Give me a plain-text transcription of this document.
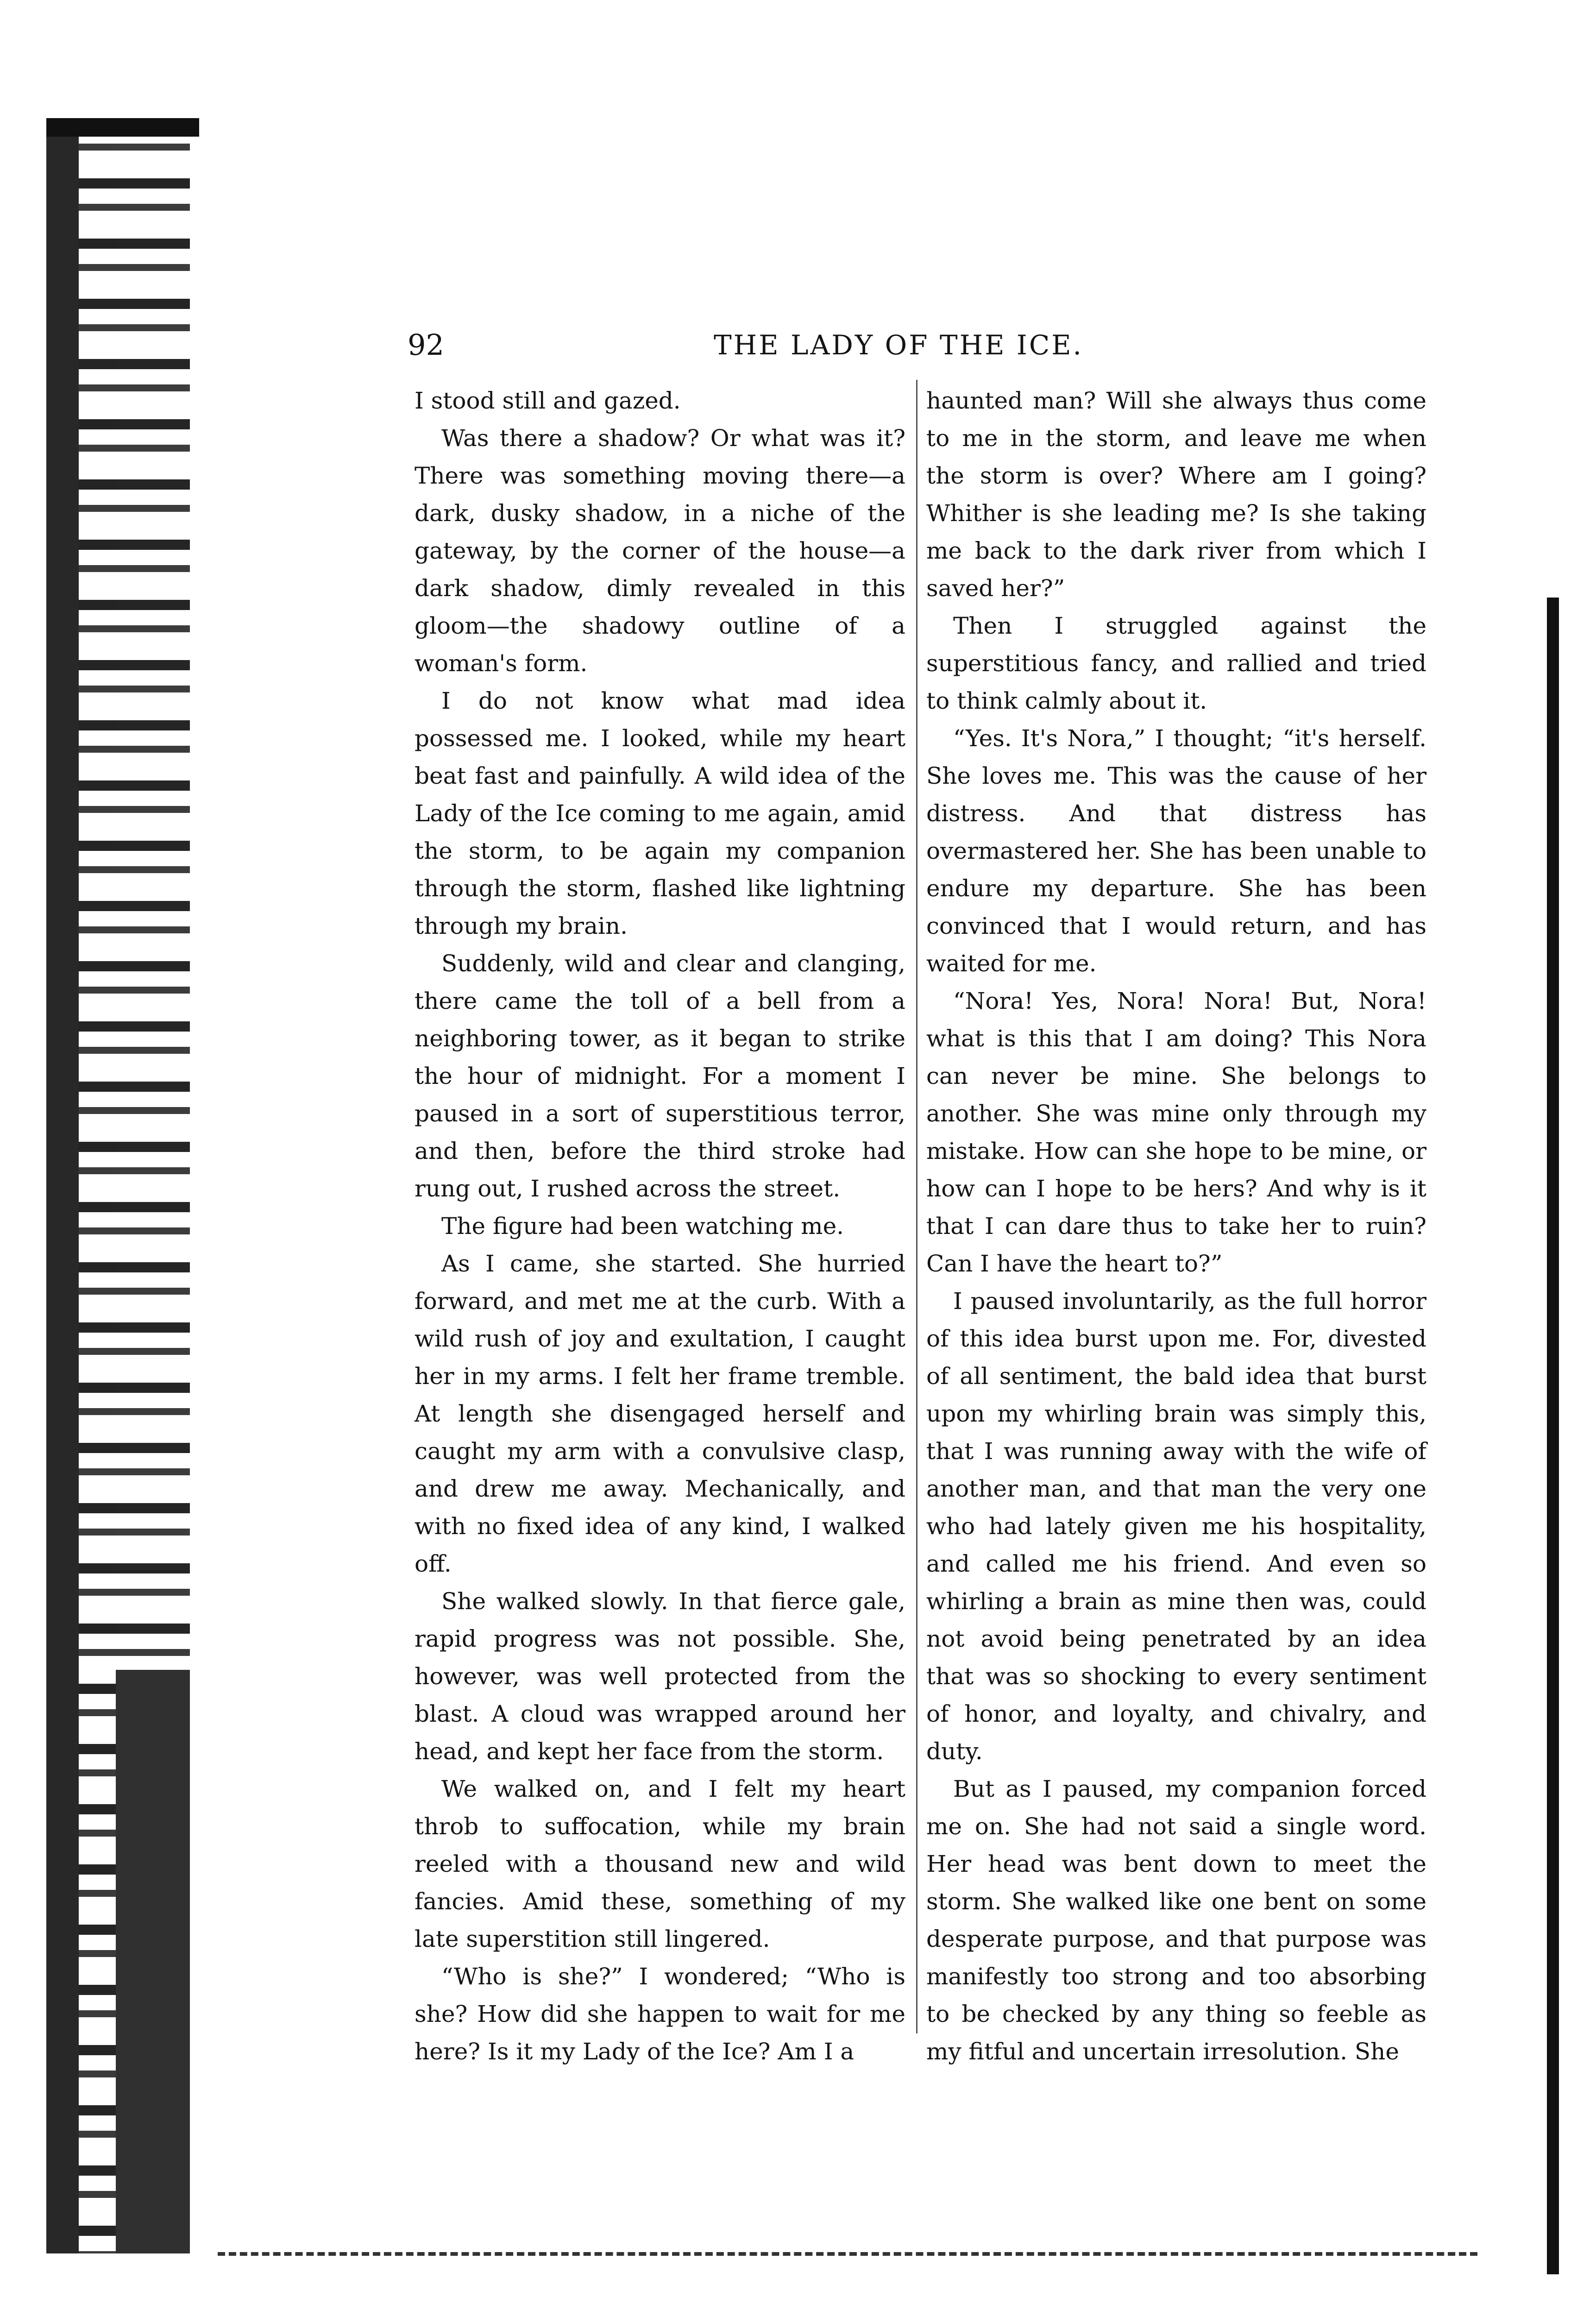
92	THE LADY OF THE ICE.

I stood still and gazed.

Was there a shadow? Or what was it? There was something moving there—a dark, dusky shadow, in a niche of the gateway, by the corner of the house—a dark shadow, dimly revealed in this gloom—the shadowy outline of a woman's form.

I do not know what mad idea possessed me. I looked, while my heart beat fast and painfully. A wild idea of the Lady of the Ice coming to me again, amid the storm, to be again my companion through the storm, flashed like lightning through my brain.

Suddenly, wild and clear and clanging, there came the toll of a bell from a neighboring tower, as it began to strike the hour of midnight. For a moment I paused in a sort of superstitious terror, and then, before the third stroke had rung out, I rushed across the street.

The figure had been watching me.

As I came, she started. She hurried forward, and met me at the curb. With a wild rush of joy and exultation, I caught her in my arms. I felt her frame tremble. At length she disengaged herself and caught my arm with a convulsive clasp, and drew me away. Mechanically, and with no fixed idea of any kind, I walked off.

She walked slowly. In that fierce gale, rapid progress was not possible. She, however, was well protected from the blast. A cloud was wrapped around her head, and kept her face from the storm.

We walked on, and I felt my heart throb to suffocation, while my brain reeled with a thousand new and wild fancies. Amid these, something of my late superstition still lingered.

“Who is she?” I wondered; “Who is she? How did she happen to wait for me here? Is it my Lady of the Ice? Am I a

haunted man? Will she always thus come to me in the storm, and leave me when the storm is over? Where am I going? Whither is she leading me? Is she taking me back to the dark river from which I saved her?”

Then I struggled against the superstitious fancy, and rallied and tried to think calmly about it.

“Yes. It's Nora,” I thought; “it's herself. She loves me. This was the cause of her distress. And that distress has overmastered her. She has been unable to endure my departure. She has been convinced that I would return, and has waited for me.

“Nora! Yes, Nora! Nora! But, Nora! what is this that I am doing? This Nora can never be mine. She belongs to another. She was mine only through my mistake. How can she hope to be mine, or how can I hope to be hers? And why is it that I can dare thus to take her to ruin? Can I have the heart to?”

I paused involuntarily, as the full horror of this idea burst upon me. For, divested of all sentiment, the bald idea that burst upon my whirling brain was simply this, that I was running away with the wife of another man, and that man the very one who had lately given me his hospitality, and called me his friend. And even so whirling a brain as mine then was, could not avoid being penetrated by an idea that was so shocking to every sentiment of honor, and loyalty, and chivalry, and duty.

But as I paused, my companion forced me on. She had not said a single word. Her head was bent down to meet the storm. She walked like one bent on some desperate purpose, and that purpose was manifestly too strong and too absorbing to be checked by any thing so feeble as my fitful and uncertain irresolution. She
